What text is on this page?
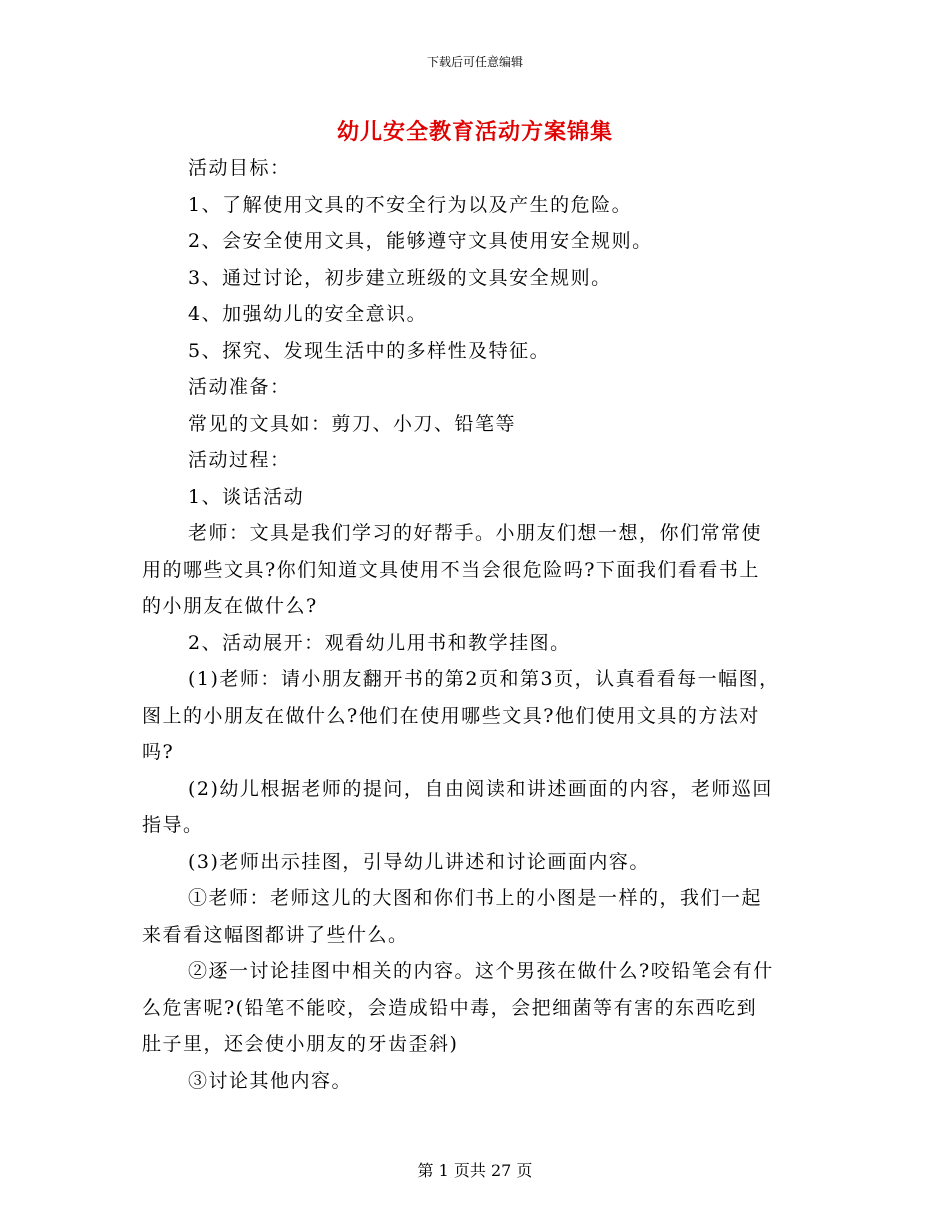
下载后可任意编辑
幼儿安全教育活动方案锦集

活动目标：

1、了解使用文具的不安全行为以及产生的危险。

2、会安全使用文具，能够遵守文具使用安全规则。

3、通过讨论，初步建立班级的文具安全规则。

4、加强幼儿的安全意识。

5、探究、发现生活中的多样性及特征。

活动准备：

常见的文具如：剪刀、小刀、铅笔等

活动过程：

1、谈话活动

老师：文具是我们学习的好帮手。小朋友们想一想，你们常常使
用的哪些文具?你们知道文具使用不当会很危险吗?下面我们看看书上
的小朋友在做什么?

2、活动展开：观看幼儿用书和教学挂图。

(1)老师：请小朋友翻开书的第2页和第3页，认真看看每一幅图，
图上的小朋友在做什么?他们在使用哪些文具?他们使用文具的方法对
吗?

(2)幼儿根据老师的提问，自由阅读和讲述画面的内容，老师巡回
指导。

(3)老师出示挂图，引导幼儿讲述和讨论画面内容。

①老师：老师这儿的大图和你们书上的小图是一样的，我们一起
来看看这幅图都讲了些什么。

②逐一讨论挂图中相关的内容。这个男孩在做什么?咬铅笔会有什
么危害呢?(铅笔不能咬，会造成铅中毒，会把细菌等有害的东西吃到
肚子里，还会使小朋友的牙齿歪斜)

③讨论其他内容。

第 1 页共 27 页
